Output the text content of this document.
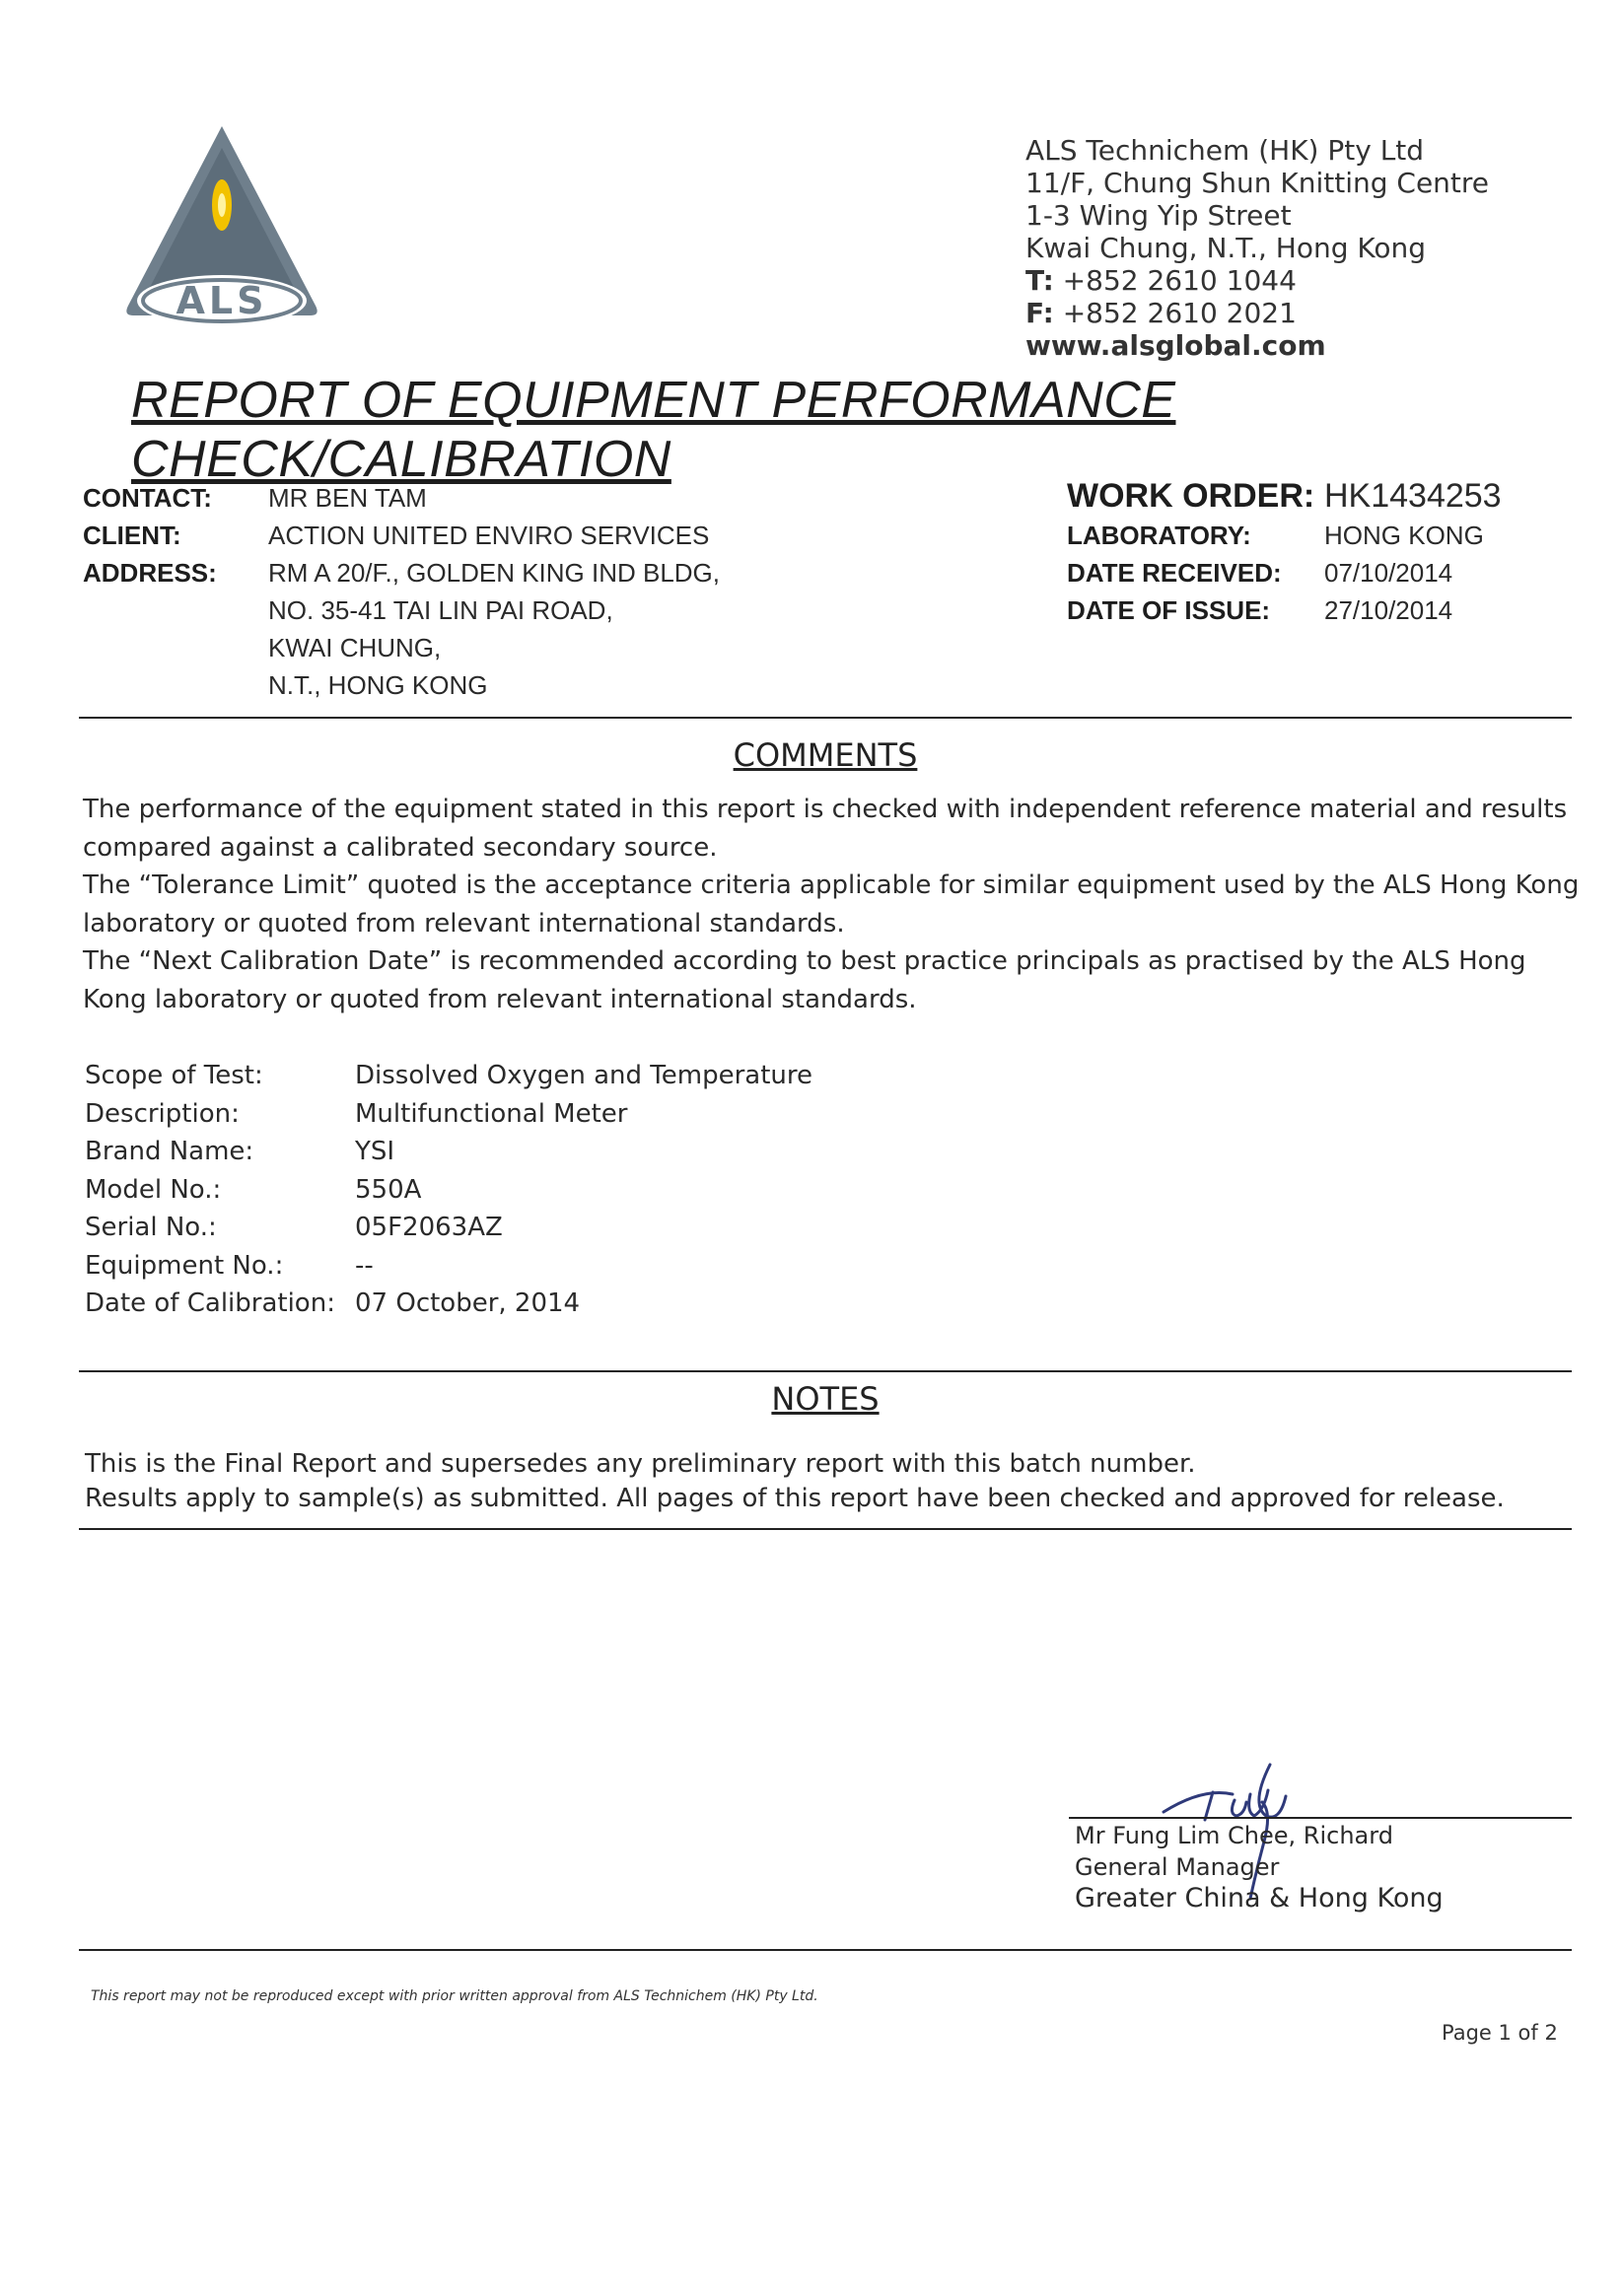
ALS
ALS Technichem (HK) Pty Ltd
11/F, Chung Shun Knitting Centre
1-3 Wing Yip Street
Kwai Chung, N.T., Hong Kong
T: +852 2610 1044
F: +852 2610 2021
www.alsglobal.com
REPORT OF EQUIPMENT PERFORMANCE CHECK/CALIBRATION
CONTACT: MR BEN TAM
CLIENT:	ACTION UNITED ENVIRO SERVICES
ADDRESS: RM A 20/F., GOLDEN KING IND BLDG,
NO. 35-41 TAI LIN PAI ROAD,
KWAI CHUNG,
N.T., HONG KONG
WORK ORDER: HK1434253
LABORATORY:	HONG KONG
DATE RECEIVED: 07/10/2014
DATE OF ISSUE: 27/10/2014
COMMENTS
The performance of the equipment stated in this report is checked with independent reference material and results
compared against a calibrated secondary source.
The “Tolerance Limit” quoted is the acceptance criteria applicable for similar equipment used by the ALS Hong Kong
laboratory or quoted from relevant international standards.
The “Next Calibration Date” is recommended according to best practice principals as practised by the ALS Hong
Kong laboratory or quoted from relevant international standards.
Scope of Test:
Description:
Brand Name:
Model No.:
Serial No.:
Equipment No.:
Date of Calibration:
Dissolved Oxygen and Temperature
Multifunctional Meter
YSI
550A
05F2063AZ
--
07 October, 2014
NOTES
This is the Final Report and supersedes any preliminary report with this batch number.
Results apply to sample(s) as submitted. All pages of this report have been checked and approved for release.
Mr Fung Lim Chee, Richard
General Manager
Greater China & Hong Kong
This report may not be reproduced except with prior written approval from ALS Technichem (HK) Pty Ltd.
Page 1 of 2
